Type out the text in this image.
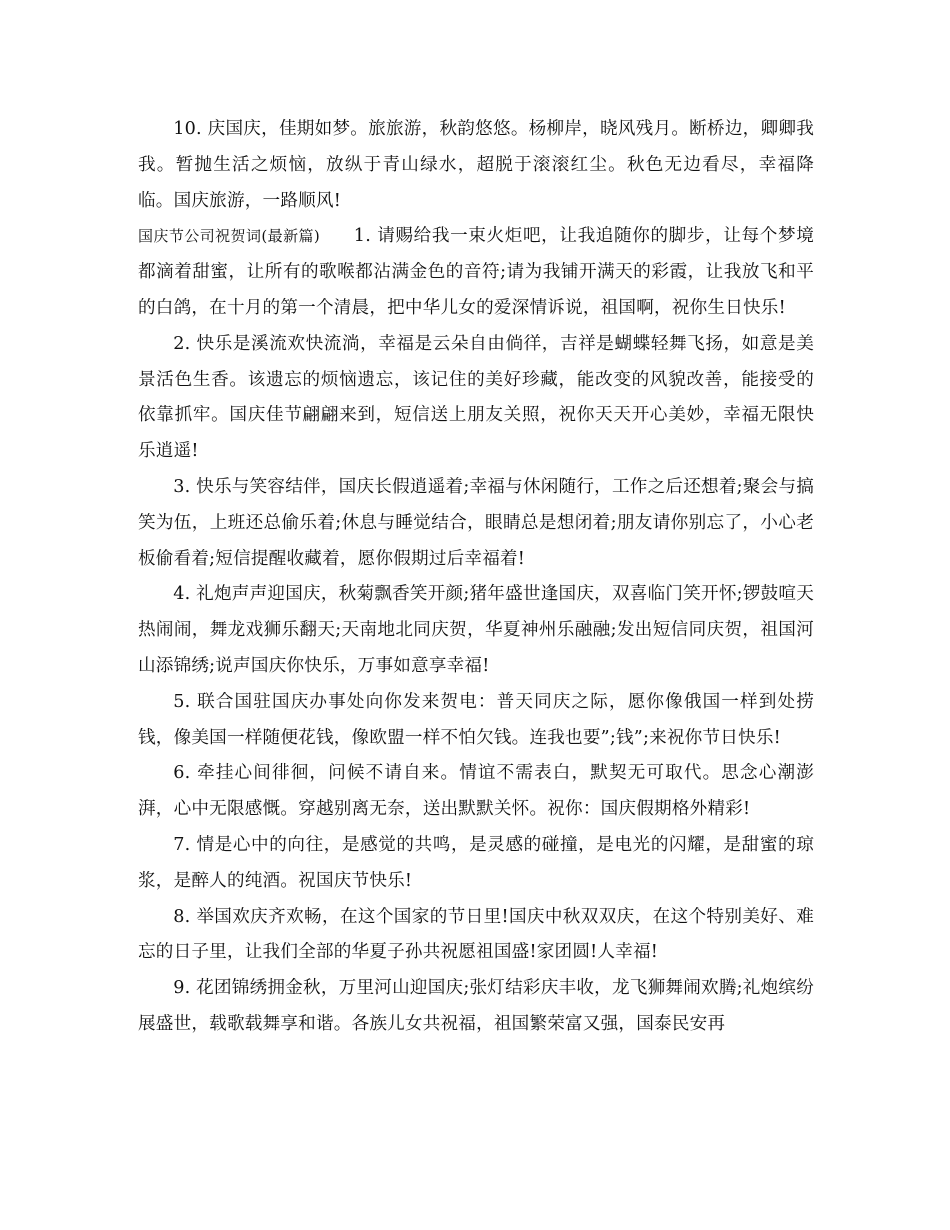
10. 庆国庆，佳期如梦。旅旅游，秋韵悠悠。杨柳岸，晓风残月。断桥边，卿卿我我。暂抛生活之烦恼，放纵于青山绿水，超脱于滚滚红尘。秋色无边看尽，幸福降临。国庆旅游，一路顺风!

国庆节公司祝贺词(最新篇) 1. 请赐给我一束火炬吧，让我追随你的脚步，让每个梦境都滴着甜蜜，让所有的歌喉都沾满金色的音符;请为我铺开满天的彩霞，让我放飞和平的白鸽，在十月的第一个清晨，把中华儿女的爱深情诉说，祖国啊，祝你生日快乐!

2. 快乐是溪流欢快流淌，幸福是云朵自由倘徉，吉祥是蝴蝶轻舞飞扬，如意是美景活色生香。该遗忘的烦恼遗忘，该记住的美好珍藏，能改变的风貌改善，能接受的依靠抓牢。国庆佳节翩翩来到，短信送上朋友关照，祝你天天开心美妙，幸福无限快乐逍遥!

3. 快乐与笑容结伴，国庆长假逍遥着;幸福与休闲随行，工作之后还想着;聚会与搞笑为伍，上班还总偷乐着;休息与睡觉结合，眼睛总是想闭着;朋友请你别忘了，小心老板偷看着;短信提醒收藏着，愿你假期过后幸福着!

4. 礼炮声声迎国庆，秋菊飘香笑开颜;猪年盛世逢国庆，双喜临门笑开怀;锣鼓喧天热闹闹，舞龙戏狮乐翻天;天南地北同庆贺，华夏神州乐融融;发出短信同庆贺，祖国河山添锦绣;说声国庆你快乐，万事如意享幸福!

5. 联合国驻国庆办事处向你发来贺电：普天同庆之际，愿你像俄国一样到处捞钱，像美国一样随便花钱，像欧盟一样不怕欠钱。连我也要”;钱”;来祝你节日快乐!

6. 牵挂心间徘徊，问候不请自来。情谊不需表白，默契无可取代。思念心潮澎湃，心中无限感慨。穿越别离无奈，送出默默关怀。祝你：国庆假期格外精彩!

7. 情是心中的向往，是感觉的共鸣，是灵感的碰撞，是电光的闪耀，是甜蜜的琼浆，是醉人的纯酒。祝国庆节快乐!

8. 举国欢庆齐欢畅，在这个国家的节日里!国庆中秋双双庆，在这个特别美好、难忘的日子里，让我们全部的华夏子孙共祝愿祖国盛!家团圆!人幸福!

9. 花团锦绣拥金秋，万里河山迎国庆;张灯结彩庆丰收，龙飞狮舞闹欢腾;礼炮缤纷展盛世，载歌载舞享和谐。各族儿女共祝福，祖国繁荣富又强，国泰民安再
